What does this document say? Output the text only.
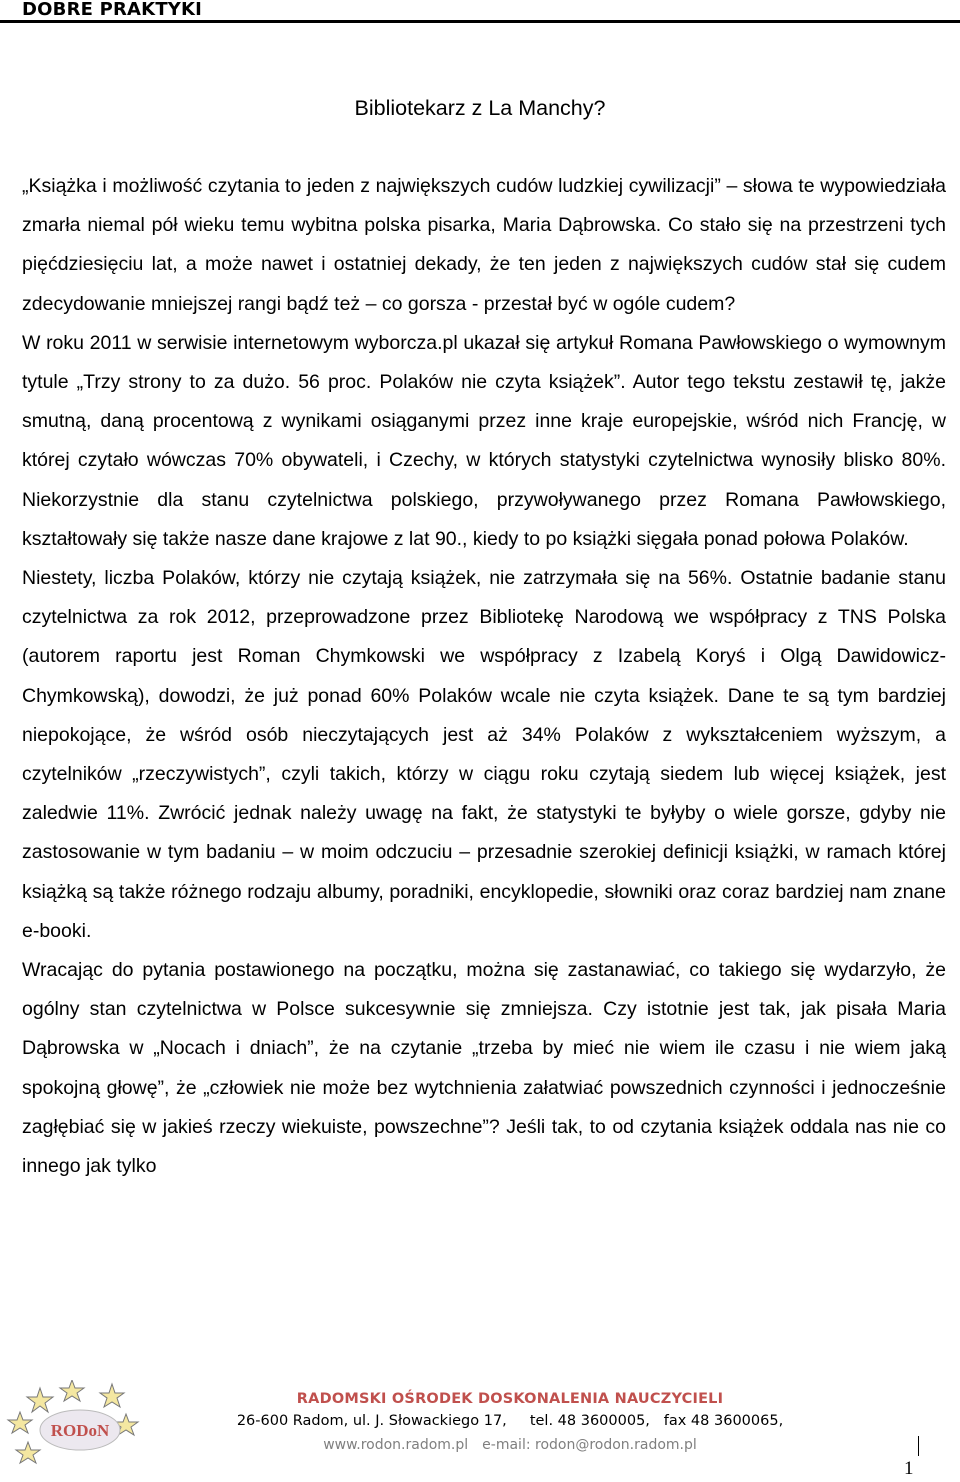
DOBRE PRAKTYKI
Bibliotekarz z La Manchy?

„Książka i możliwość czytania to jeden z największych cudów ludzkiej cywilizacji” – słowa te wypowiedziała zmarła niemal pół wieku temu wybitna polska pisarka, Maria Dąbrowska. Co stało się na przestrzeni tych pięćdziesięciu lat, a może nawet i ostatniej dekady, że ten jeden z największych cudów stał się cudem zdecydowanie mniejszej rangi bądź też – co gorsza - przestał być w ogóle cudem?

W roku 2011 w serwisie internetowym wyborcza.pl ukazał się artykuł Romana Pawłowskiego o wymownym tytule „Trzy strony to za dużo. 56 proc. Polaków nie czyta książek”. Autor tego tekstu zestawił tę, jakże smutną, daną procentową z wynikami osiąganymi przez inne kraje europejskie, wśród nich Francję, w której czytało wówczas 70% obywateli, i Czechy, w których statystyki czytelnictwa wynosiły blisko 80%. Niekorzystnie dla stanu czytelnictwa polskiego, przywoływanego przez Romana Pawłowskiego, kształtowały się także nasze dane krajowe z lat 90., kiedy to po książki sięgała ponad połowa Polaków.

Niestety, liczba Polaków, którzy nie czytają książek, nie zatrzymała się na 56%. Ostatnie badanie stanu czytelnictwa za rok 2012, przeprowadzone przez Bibliotekę Narodową we współpracy z TNS Polska (autorem raportu jest Roman Chymkowski we współpracy z Izabelą Koryś i Olgą Dawidowicz-Chymkowską), dowodzi, że już ponad 60% Polaków wcale nie czyta książek. Dane te są tym bardziej niepokojące, że wśród osób nieczytających jest aż 34% Polaków z wykształceniem wyższym, a czytelników „rzeczywistych”, czyli takich, którzy w ciągu roku czytają siedem lub więcej książek, jest zaledwie 11%. Zwrócić jednak należy uwagę na fakt, że statystyki te byłyby o wiele gorsze, gdyby nie zastosowanie w tym badaniu – w moim odczuciu – przesadnie szerokiej definicji książki, w ramach której książką są także różnego rodzaju albumy, poradniki, encyklopedie, słowniki oraz coraz bardziej nam znane e-booki.

Wracając do pytania postawionego na początku, można się zastanawiać, co takiego się wydarzyło, że ogólny stan czytelnictwa w Polsce sukcesywnie się zmniejsza. Czy istotnie jest tak, jak pisała Maria Dąbrowska w „Nocach i dniach”, że na czytanie „trzeba by mieć nie wiem ile czasu i nie wiem jaką spokojną głowę”, że „człowiek nie może bez wytchnienia załatwiać powszednich czynności i jednocześnie zagłębiać się w jakieś rzeczy wiekuiste, powszechne”? Jeśli tak, to od czytania książek oddala nas nie co innego jak tylko

RODoN
RADOMSKI OŚRODEK DOSKONALENIA NAUCZYCIELI
26-600 Radom, ul. J. Słowackiego 17,     tel. 48 3600005,   fax 48 3600065,
www.rodon.radom.pl e-mail: rodon@rodon.radom.pl
1
